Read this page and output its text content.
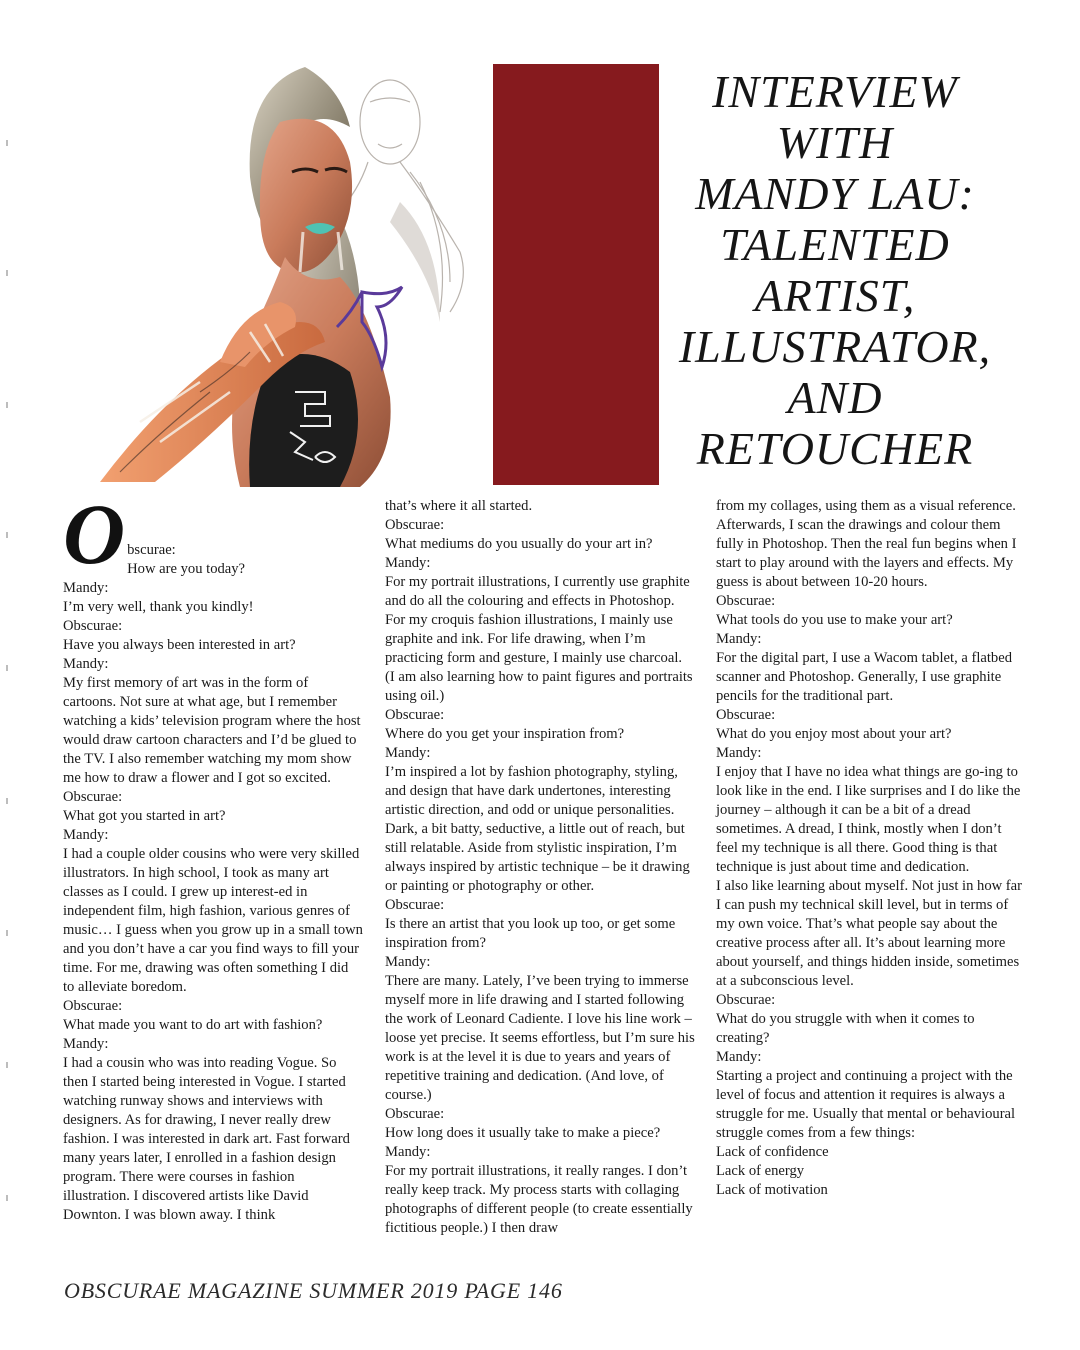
INTERVIEW
WITH
MANDY LAU:
TALENTED
ARTIST,
ILLUSTRATOR,
AND
RETOUCHER
O bscurae:

How are you today?

Mandy:

I’m very well, thank you kindly!

Obscurae:

Have you always been interested in art?

Mandy:

My first memory of art was in the form of cartoons. Not sure at what age, but I remember watching a kids’ television program where the host would draw cartoon characters and I’d be glued to the TV. I also remember watching my mom show me how to draw a flower and I got so excited.

Obscurae:

What got you started in art?

Mandy:

I had a couple older cousins who were very skilled illustrators. In high school, I took as many art classes as I could. I grew up interest-ed in independent film, high fashion, various genres of music… I guess when you grow up in a small town and you don’t have a car you find ways to fill your time. For me, drawing was often something I did to alleviate boredom.

Obscurae:

What made you want to do art with fashion?

Mandy:

I had a cousin who was into reading Vogue. So then I started being interested in Vogue. I started watching runway shows and interviews with designers. As for drawing, I never really drew fashion. I was interested in dark art. Fast forward many years later, I enrolled in a fashion design program. There were courses in fashion illustration. I discovered artists like David Downton. I was blown away. I think

that’s where it all started.

Obscurae:

What mediums do you usually do your art in?

Mandy:

For my portrait illustrations, I currently use graphite and do all the colouring and effects in Photoshop. For my croquis fashion illustrations, I mainly use graphite and ink. For life drawing, when I’m practicing form and gesture, I mainly use charcoal. (I am also learning how to paint figures and portraits using oil.)

Obscurae:

Where do you get your inspiration from?

Mandy:

I’m inspired a lot by fashion photography, styling, and design that have dark undertones, interesting artistic direction, and odd or unique personalities. Dark, a bit batty, seductive, a little out of reach, but still relatable. Aside from stylistic inspiration, I’m always inspired by artistic technique – be it drawing or painting or photography or other.

Obscurae:

Is there an artist that you look up too, or get some inspiration from?

Mandy:

There are many. Lately, I’ve been trying to immerse myself more in life drawing and I started following the work of Leonard Cadiente. I love his line work – loose yet precise. It seems effortless, but I’m sure his work is at the level it is due to years and years of repetitive training and dedication. (And love, of course.)

Obscurae:

How long does it usually take to make a piece?

Mandy:

For my portrait illustrations, it really ranges. I don’t really keep track. My process starts with collaging photographs of different people (to create essentially fictitious people.) I then draw

from my collages, using them as a visual reference. Afterwards, I scan the drawings and colour them fully in Photoshop. Then the real fun begins when I start to play around with the layers and effects. My guess is about between 10-20 hours.

Obscurae:

What tools do you use to make your art?

Mandy:

For the digital part, I use a Wacom tablet, a flatbed scanner and Photoshop. Generally, I use graphite pencils for the traditional part.

Obscurae:

What do you enjoy most about your art?

Mandy:

I enjoy that I have no idea what things are go-ing to look like in the end. I like surprises and I do like the journey – although it can be a bit of a dread sometimes. A dread, I think, mostly when I don’t feel my technique is all there. Good thing is that technique is just about time and dedication.

I also like learning about myself. Not just in how far I can push my technical skill level, but in terms of my own voice. That’s what people say about the creative process after all. It’s about learning more about yourself, and things hidden inside, sometimes at a subconscious level.

Obscurae:

What do you struggle with when it comes to creating?

Mandy:

Starting a project and continuing a project with the level of focus and attention it requires is always a struggle for me. Usually that mental or behavioural struggle comes from a few things:

Lack of confidence

Lack of energy

Lack of motivation

OBSCURAE MAGAZINE SUMMER 2019 PAGE 146
